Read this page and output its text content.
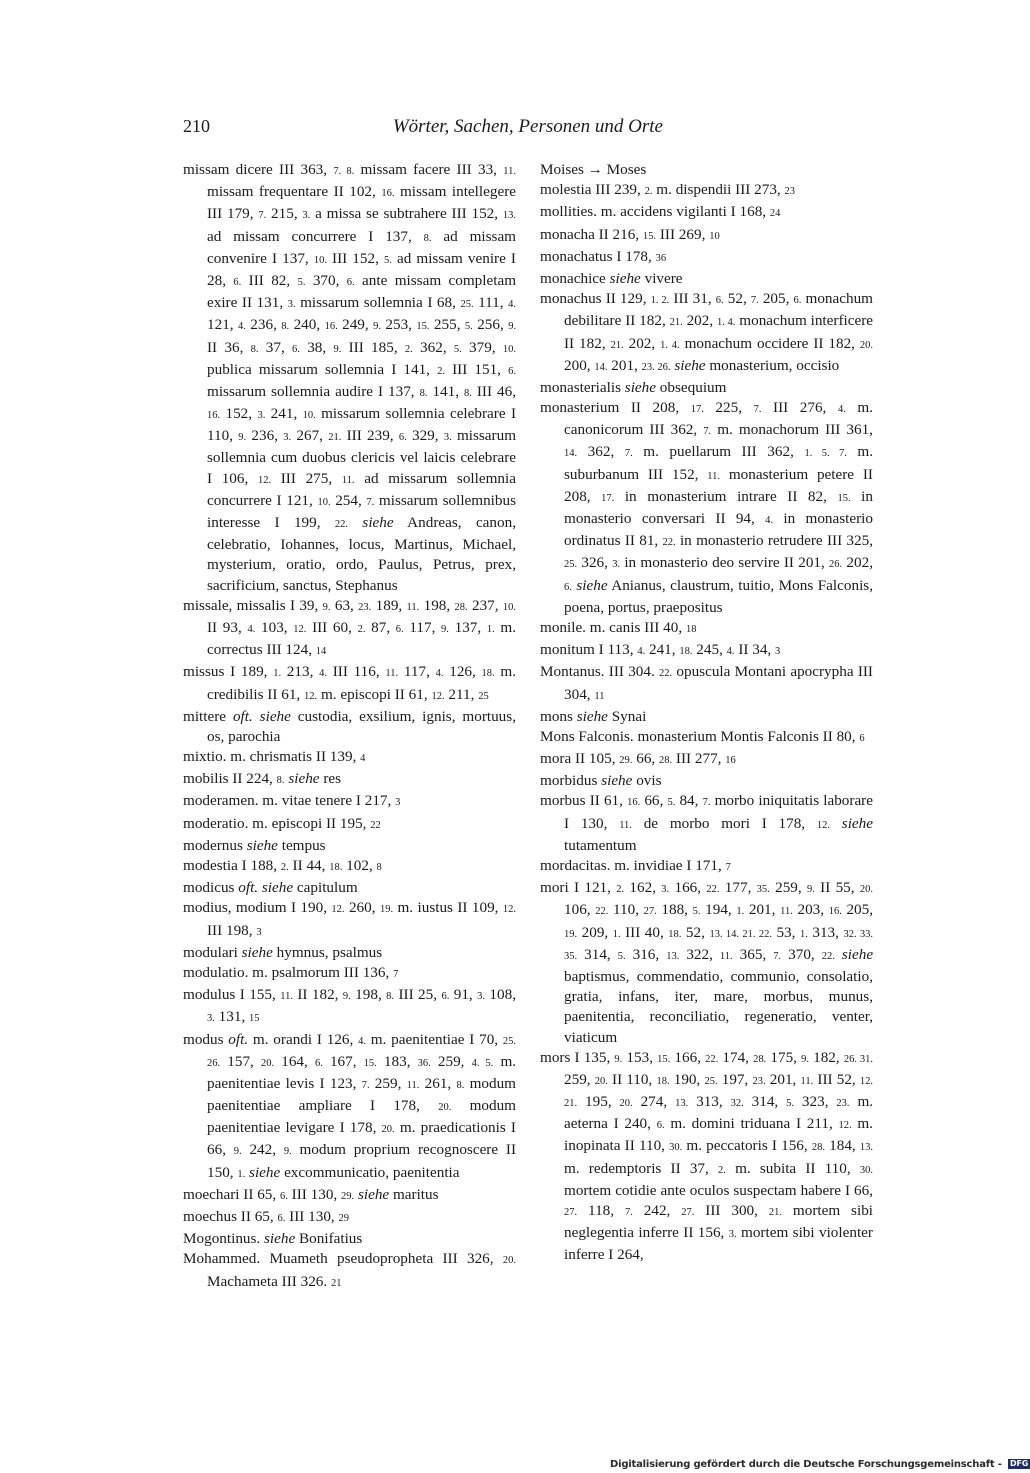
210	Wörter, Sachen, Personen und Orte

missam dicere III 363, 7. 8. missam facere III 33, 11. missam frequentare II 102, 16. missam intellegere III 179, 7. 215, 3. a missa se subtrahere III 152, 13. ad missam concurrere I 137, 8. ad missam convenire I 137, 10. III 152, 5. ad missam venire I 28, 6. III 82, 5. 370, 6. ante missam completam exire II 131, 3. missarum sollemnia I 68, 25. 111, 4. 121, 4. 236, 8. 240, 16. 249, 9. 253, 15. 255, 5. 256, 9. II 36, 8. 37, 6. 38, 9. III 185, 2. 362, 5. 379, 10. publica missarum sollemnia I 141, 2. III 151, 6. missarum sollemnia audire I 137, 8. 141, 8. III 46, 16. 152, 3. 241, 10. missarum sollemnia celebrare I 110, 9. 236, 3. 267, 21. III 239, 6. 329, 3. missarum sollemnia cum duobus clericis vel laicis celebrare I 106, 12. III 275, 11. ad missarum sollemnia concurrere I 121, 10. 254, 7. missarum sollemnibus interesse I 199, 22. siehe Andreas, canon, celebratio, Iohannes, locus, Martinus, Michael, mysterium, oratio, ordo, Paulus, Petrus, prex, sacrificium, sanctus, Stephanus

missale, missalis I 39, 9. 63, 23. 189, 11. 198, 28. 237, 10. II 93, 4. 103, 12. III 60, 2. 87, 6. 117, 9. 137, 1. m. correctus III 124, 14

missus I 189, 1. 213, 4. III 116, 11. 117, 4. 126, 18. m. credibilis II 61, 12. m. episcopi II 61, 12. 211, 25

mittere oft. siehe custodia, exsilium, ignis, mortuus, os, parochia

mixtio. m. chrismatis II 139, 4

mobilis II 224, 8. siehe res

moderamen. m. vitae tenere I 217, 3

moderatio. m. episcopi II 195, 22

modernus siehe tempus

modestia I 188, 2. II 44, 18. 102, 8

modicus oft. siehe capitulum

modius, modium I 190, 12. 260, 19. m. iustus II 109, 12. III 198, 3

modulari siehe hymnus, psalmus

modulatio. m. psalmorum III 136, 7

modulus I 155, 11. II 182, 9. 198, 8. III 25, 6. 91, 3. 108, 3. 131, 15

modus oft. m. orandi I 126, 4. m. paenitentiae I 70, 25. 26. 157, 20. 164, 6. 167, 15. 183, 36. 259, 4. 5. m. paenitentiae levis I 123, 7. 259, 11. 261, 8. modum paenitentiae ampliare I 178, 20. modum paenitentiae levigare I 178, 20. m. praedicationis I 66, 9. 242, 9. modum proprium recognoscere II 150, 1. siehe excommunicatio, paenitentia

moechari II 65, 6. III 130, 29. siehe maritus

moechus II 65, 6. III 130, 29

Mogontinus. siehe Bonifatius

Mohammed. Muameth pseudopropheta III 326, 20. Machameta III 326. 21

Moises → Moses

molestia III 239, 2. m. dispendii III 273, 23

mollities. m. accidens vigilanti I 168, 24

monacha II 216, 15. III 269, 10

monachatus I 178, 36

monachice siehe vivere

monachus II 129, 1. 2. III 31, 6. 52, 7. 205, 6. monachum debilitare II 182, 21. 202, 1. 4. monachum interficere II 182, 21. 202, 1. 4. monachum occidere II 182, 20. 200, 14. 201, 23. 26. siehe monasterium, occisio

monasterialis siehe obsequium

monasterium II 208, 17. 225, 7. III 276, 4. m. canonicorum III 362, 7. m. monachorum III 361, 14. 362, 7. m. puellarum III 362, 1. 5. 7. m. suburbanum III 152, 11. monasterium petere II 208, 17. in monasterium intrare II 82, 15. in monasterio conversari II 94, 4. in monasterio ordinatus II 81, 22. in monasterio retrudere III 325, 25. 326, 3. in monasterio deo servire II 201, 26. 202, 6. siehe Anianus, claustrum, tuitio, Mons Falconis, poena, portus, praepositus

monile. m. canis III 40, 18

monitum I 113, 4. 241, 18. 245, 4. II 34, 3

Montanus. III 304. 22. opuscula Montani apocrypha III 304, 11

mons siehe Synai

Mons Falconis. monasterium Montis Falconis II 80, 6

mora II 105, 29. 66, 28. III 277, 16

morbidus siehe ovis

morbus II 61, 16. 66, 5. 84, 7. morbo iniquitatis laborare I 130, 11. de morbo mori I 178, 12. siehe tutamentum

mordacitas. m. invidiae I 171, 7

mori I 121, 2. 162, 3. 166, 22. 177, 35. 259, 9. II 55, 20. 106, 22. 110, 27. 188, 5. 194, 1. 201, 11. 203, 16. 205, 19. 209, 1. III 40, 18. 52, 13. 14. 21. 22. 53, 1. 313, 32. 33. 35. 314, 5. 316, 13. 322, 11. 365, 7. 370, 22. siehe baptismus, commendatio, communio, consolatio, gratia, infans, iter, mare, morbus, munus, paenitentia, reconciliatio, regeneratio, venter, viaticum

mors I 135, 9. 153, 15. 166, 22. 174, 28. 175, 9. 182, 26. 31. 259, 20. II 110, 18. 190, 25. 197, 23. 201, 11. III 52, 12. 21. 195, 20. 274, 13. 313, 32. 314, 5. 323, 23. m. aeterna I 240, 6. m. domini triduana I 211, 12. m. inopinata II 110, 30. m. peccatoris I 156, 28. 184, 13. m. redemptoris II 37, 2. m. subita II 110, 30. mortem cotidie ante oculos suspectam habere I 66, 27. 118, 7. 242, 27. III 300, 21. mortem sibi neglegentia inferre II 156, 3. mortem sibi violenter inferre I 264,

Digitalisierung gefördert durch die Deutsche Forschungsgemeinschaft - DFG
